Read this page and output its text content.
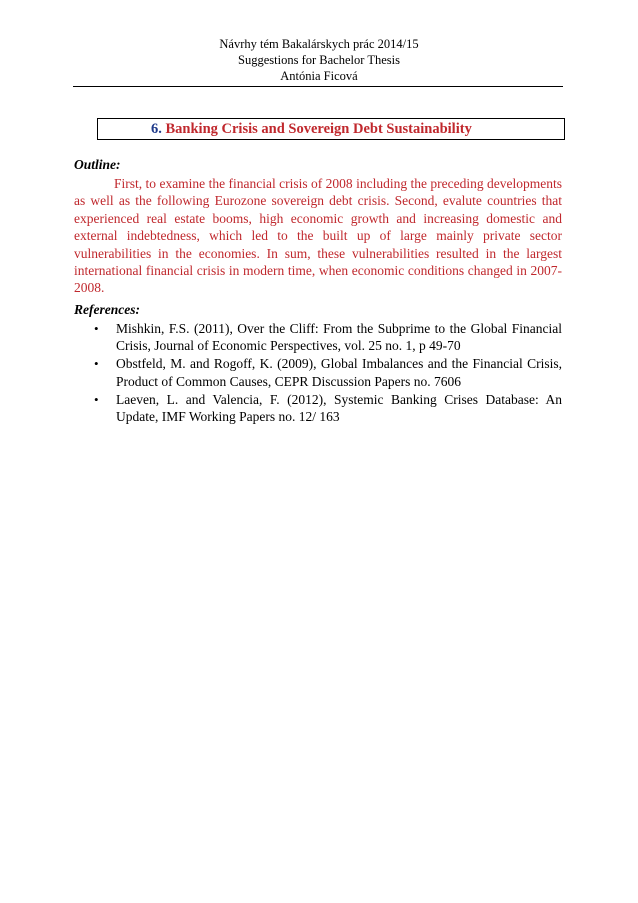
Návrhy tém Bakalárskych prác 2014/15
Suggestions for Bachelor Thesis
Antónia Ficová
6. Banking Crisis and Sovereign Debt Sustainability
Outline:

First, to examine the financial crisis of 2008 including the preceding developments as well as the following Eurozone sovereign debt crisis. Second, evalute countries that experienced real estate booms, high economic growth and increasing domestic and external indebtedness, which led to the built up of large mainly private sector vulnerabilities in the economies. In sum, these vulnerabilities resulted in the largest international financial crisis in modern time, when economic conditions changed in 2007-2008.

References:
• Mishkin, F.S. (2011), Over the Cliff: From the Subprime to the Global Financial Crisis, Journal of Economic Perspectives, vol. 25 no. 1, p 49-70
• Obstfeld, M. and Rogoff, K. (2009), Global Imbalances and the Financial Crisis, Product of Common Causes, CEPR Discussion Papers no. 7606
• Laeven, L. and Valencia, F. (2012), Systemic Banking Crises Database: An Update, IMF Working Papers no. 12/ 163
